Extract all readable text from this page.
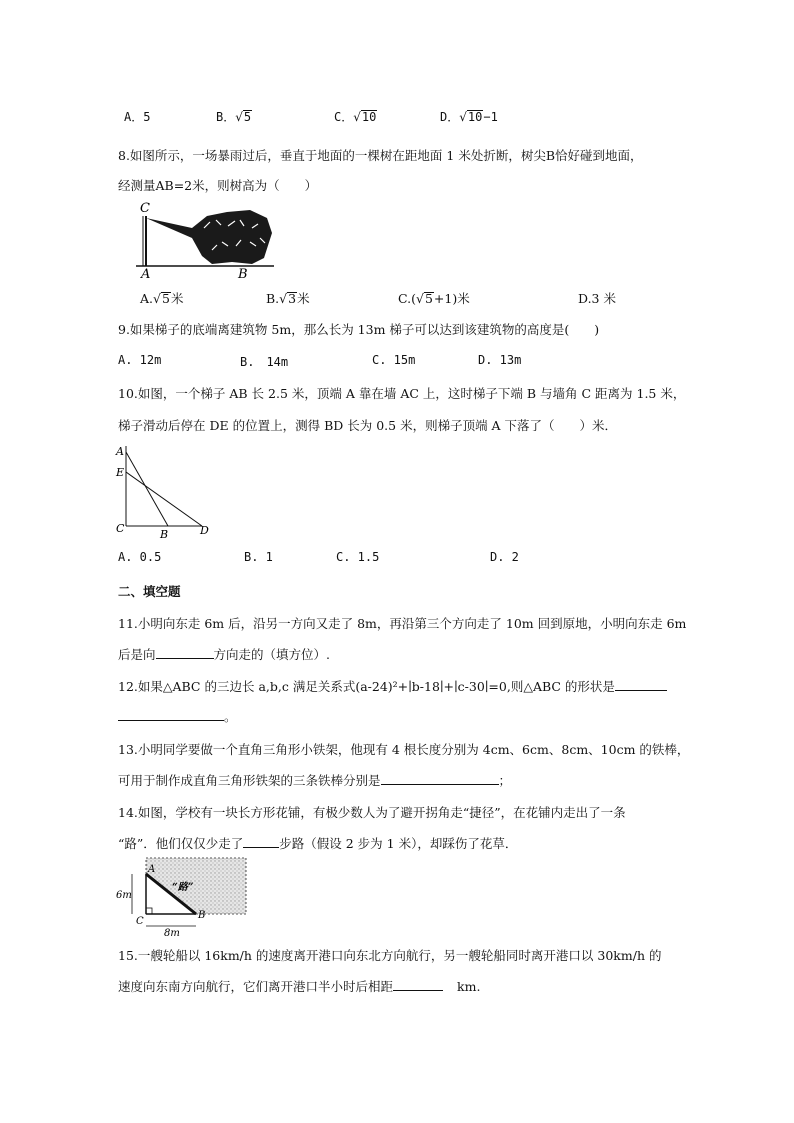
A．5	B．√5	C．√10	D．√10−1
8.如图所示，一场暴雨过后，垂直于地面的一棵树在距地面 1 米处折断，树尖B恰好碰到地面，
经测量AB=2米，则树高为（　　）
C
A	B
A.√5米	B.√3米	C.(√5+1)米	D.3 米
9.如果梯子的底端离建筑物 5m，那么长为 13m 梯子可以达到该建筑物的高度是(　　)
A. 12m	B.　14m	C. 15m	D. 13m
10.如图，一个梯子 AB 长 2.5 米，顶端 A 靠在墙 AC 上，这时梯子下端 B 与墙角 C 距离为 1.5 米，
梯子滑动后停在 DE 的位置上，测得 BD 长为 0.5 米，则梯子顶端 A 下落了（　　）米．
A
E
C	B	D
A. 0.5	B. 1	C. 1.5	D. 2
二、填空题
11.小明向东走 6m 后，沿另一方向又走了 8m，再沿第三个方向走了 10m 回到原地，小明向东走 6m
后是向	方向走的（填方位）.
12.如果△ABC 的三边长 a,b,c 满足关系式(a-24)²+∣b-18∣+∣c-30∣=0,则△ABC 的形状是
。
13.小明同学要做一个直角三角形小铁架，他现有 4 根长度分别为 4cm、6cm、8cm、10cm 的铁棒，
可用于制作成直角三角形铁架的三条铁棒分别是	；
14.如图，学校有一块长方形花铺，有极少数人为了避开拐角走“捷径”，在花铺内走出了一条
“路”．他们仅仅少走了	步路（假设 2 步为 1 米），却踩伤了花草．
A
C
B
“路”
6m
8m
15.一艘轮船以 16km/h 的速度离开港口向东北方向航行，另一艘轮船同时离开港口以 30km/h 的
速度向东南方向航行，它们离开港口半小时后相距	km.
